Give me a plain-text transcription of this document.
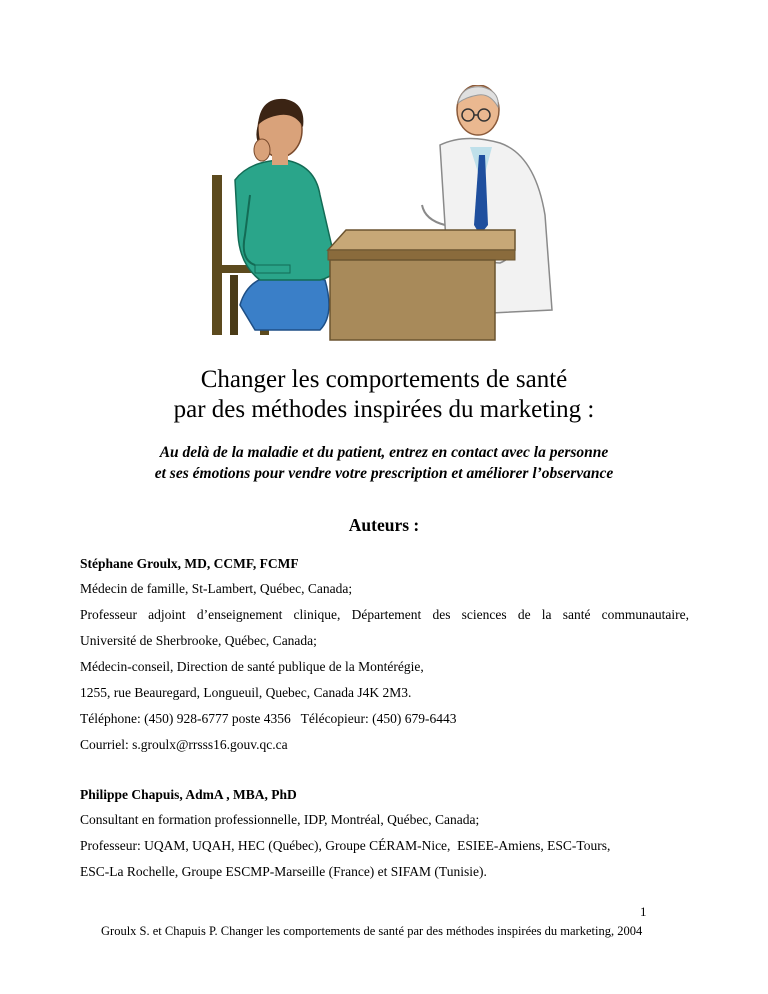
Changer les comportements de santé
par des méthodes inspirées du marketing :
Au delà de la maladie et du patient, entrez en contact avec la personne
et ses émotions pour vendre votre prescription et améliorer l’observance
Auteurs :
Stéphane Groulx, MD, CCMF, FCMF
Médecin de famille, St-Lambert, Québec, Canada;
Professeur adjoint d’enseignement clinique, Département des sciences de la santé communautaire,
Université de Sherbrooke, Québec, Canada;
Médecin-conseil, Direction de santé publique de la Montérégie,
1255, rue Beauregard, Longueuil, Quebec, Canada J4K 2M3.
Téléphone: (450) 928-6777 poste 4356   Télécopieur: (450) 679-6443
Courriel: s.groulx@rrsss16.gouv.qc.ca
Philippe Chapuis, AdmA , MBA, PhD
Consultant en formation professionnelle, IDP, Montréal, Québec, Canada;
Professeur: UQAM, UQAH, HEC (Québec), Groupe CÉRAM-Nice,  ESIEE-Amiens, ESC-Tours,
ESC-La Rochelle, Groupe ESCMP-Marseille (France) et SIFAM (Tunisie).
1
Groulx S. et Chapuis P. Changer les comportements de santé par des méthodes inspirées du marketing, 2004
